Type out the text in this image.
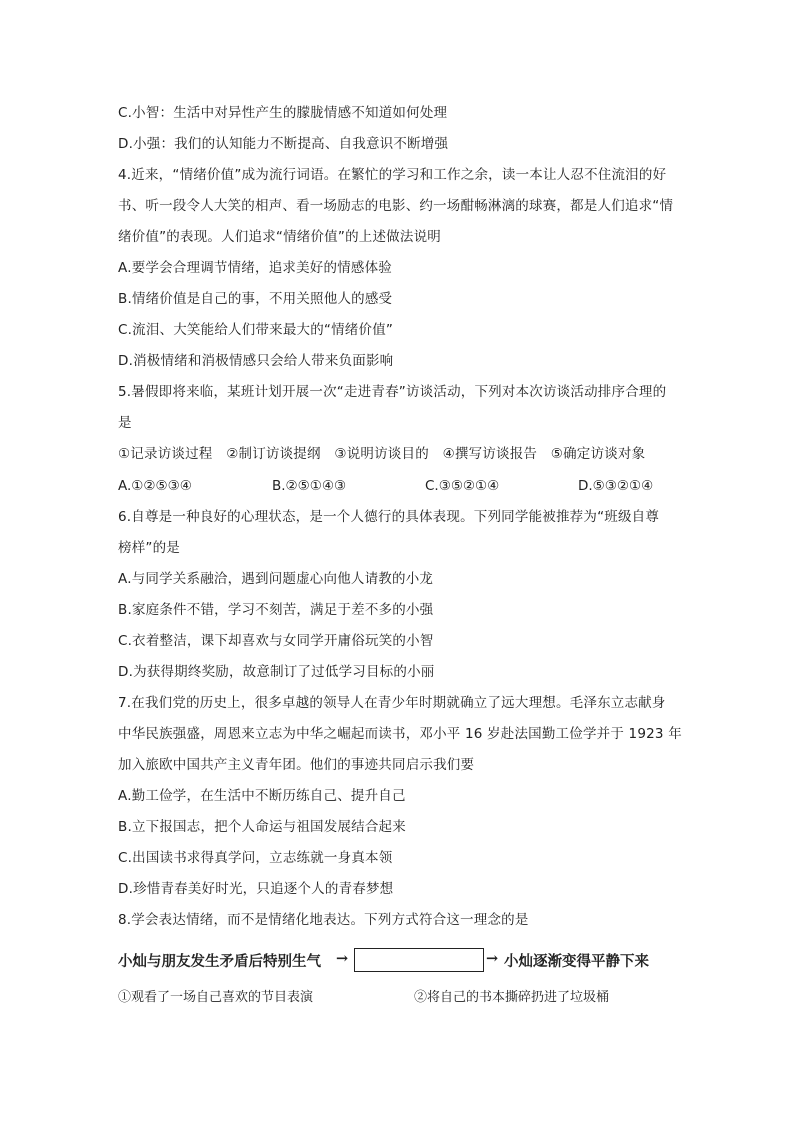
C.小智：生活中对异性产生的朦胧情感不知道如何处理
D.小强：我们的认知能力不断提高、自我意识不断增强
4.近来，“情绪价值”成为流行词语。在繁忙的学习和工作之余，读一本让人忍不住流泪的好
书、听一段令人大笑的相声、看一场励志的电影、约一场酣畅淋漓的球赛，都是人们追求“情
绪价值”的表现。人们追求“情绪价值”的上述做法说明
A.要学会合理调节情绪，追求美好的情感体验
B.情绪价值是自己的事，不用关照他人的感受
C.流泪、大笑能给人们带来最大的“情绪价值”
D.消极情绪和消极情感只会给人带来负面影响
5.暑假即将来临，某班计划开展一次“走进青春”访谈活动，下列对本次访谈活动排序合理的
是
①记录访谈过程　②制订访谈提纲　③说明访谈目的　④撰写访谈报告　⑤确定访谈对象
A.①②⑤③④	B.②⑤①④③	C.③⑤②①④	D.⑤③②①④
6.自尊是一种良好的心理状态，是一个人德行的具体表现。下列同学能被推荐为“班级自尊
榜样”的是
A.与同学关系融洽，遇到问题虚心向他人请教的小龙
B.家庭条件不错，学习不刻苦，满足于差不多的小强
C.衣着整洁，课下却喜欢与女同学开庸俗玩笑的小智
D.为获得期终奖励，故意制订了过低学习目标的小丽
7.在我们党的历史上，很多卓越的领导人在青少年时期就确立了远大理想。毛泽东立志献身
中华民族强盛，周恩来立志为中华之崛起而读书，邓小平 16 岁赴法国勤工俭学并于 1923 年
加入旅欧中国共产主义青年团。他们的事迹共同启示我们要
A.勤工俭学，在生活中不断历练自己、提升自己
B.立下报国志，把个人命运与祖国发展结合起来
C.出国读书求得真学问，立志练就一身真本领
D.珍惜青春美好时光，只追逐个人的青春梦想
8.学会表达情绪，而不是情绪化地表达。下列方式符合这一理念的是
小灿与朋友发生矛盾后特别生气 →	→ 小灿逐渐变得平静下来
①观看了一场自己喜欢的节目表演	②将自己的书本撕碎扔进了垃圾桶
